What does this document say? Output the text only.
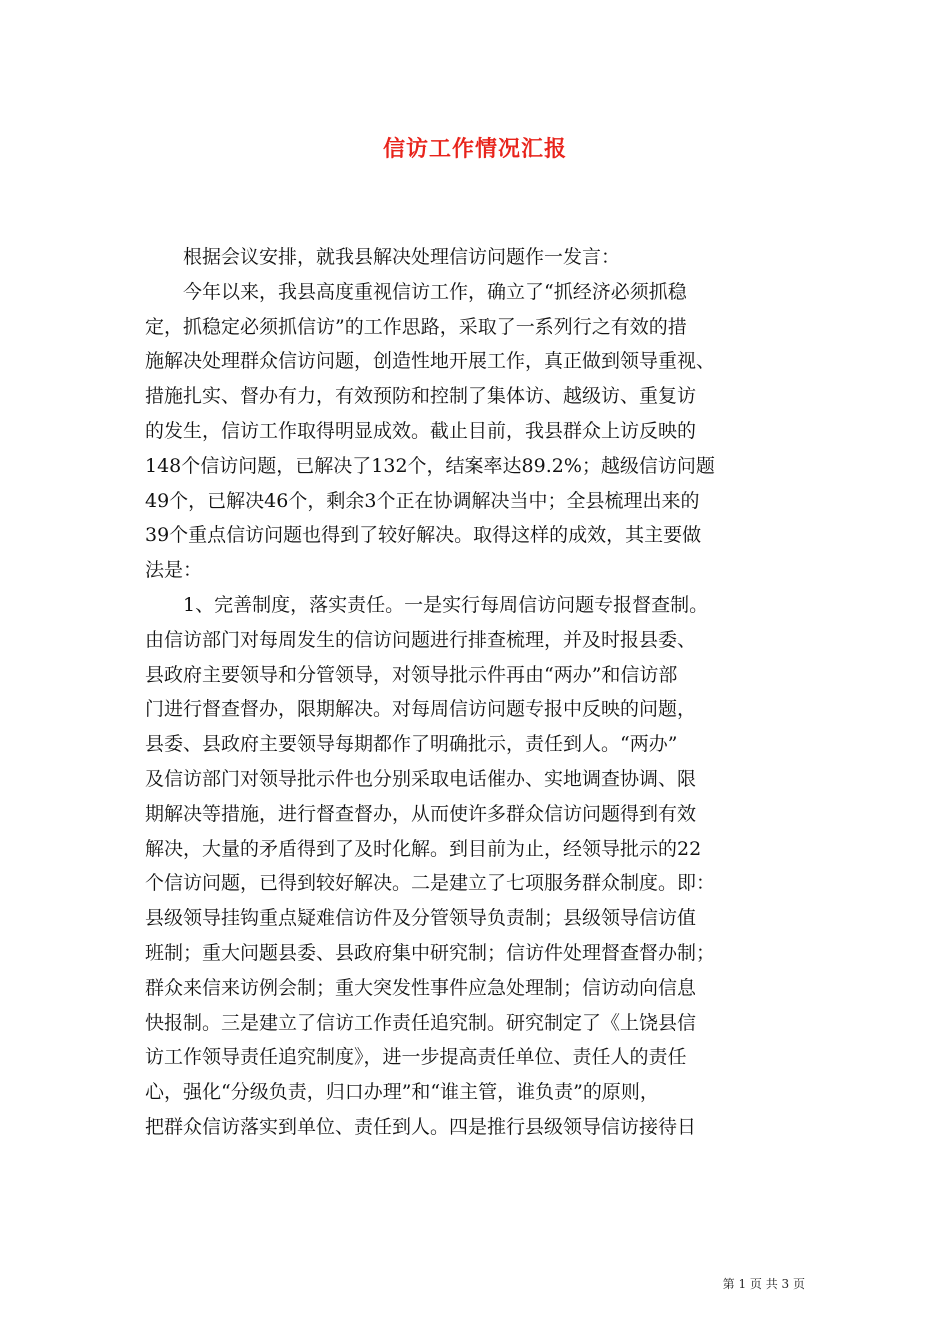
信访工作情况汇报
　　根据会议安排，就我县解决处理信访问题作一发言：
　　今年以来，我县高度重视信访工作，确立了“抓经济必须抓稳
定，抓稳定必须抓信访”的工作思路，采取了一系列行之有效的措
施解决处理群众信访问题，创造性地开展工作，真正做到领导重视、
措施扎实、督办有力，有效预防和控制了集体访、越级访、重复访
的发生，信访工作取得明显成效。截止目前，我县群众上访反映的
148个信访问题，已解决了132个，结案率达89.2%；越级信访问题
49个，已解决46个，剩余3个正在协调解决当中；全县梳理出来的
39个重点信访问题也得到了较好解决。取得这样的成效，其主要做
法是：
　　1、完善制度，落实责任。一是实行每周信访问题专报督查制。
由信访部门对每周发生的信访问题进行排查梳理，并及时报县委、
县政府主要领导和分管领导，对领导批示件再由“两办”和信访部
门进行督查督办，限期解决。对每周信访问题专报中反映的问题，
县委、县政府主要领导每期都作了明确批示，责任到人。“两办”
及信访部门对领导批示件也分别采取电话催办、实地调查协调、限
期解决等措施，进行督查督办，从而使许多群众信访问题得到有效
解决，大量的矛盾得到了及时化解。到目前为止，经领导批示的22
个信访问题，已得到较好解决。二是建立了七项服务群众制度。即：
县级领导挂钩重点疑难信访件及分管领导负责制；县级领导信访值
班制；重大问题县委、县政府集中研究制；信访件处理督查督办制；
群众来信来访例会制；重大突发性事件应急处理制；信访动向信息
快报制。三是建立了信访工作责任追究制。研究制定了《上饶县信
访工作领导责任追究制度》，进一步提高责任单位、责任人的责任
心，强化“分级负责，归口办理”和“谁主管，谁负责”的原则，
把群众信访落实到单位、责任到人。四是推行县级领导信访接待日
第 1 页 共 3 页
